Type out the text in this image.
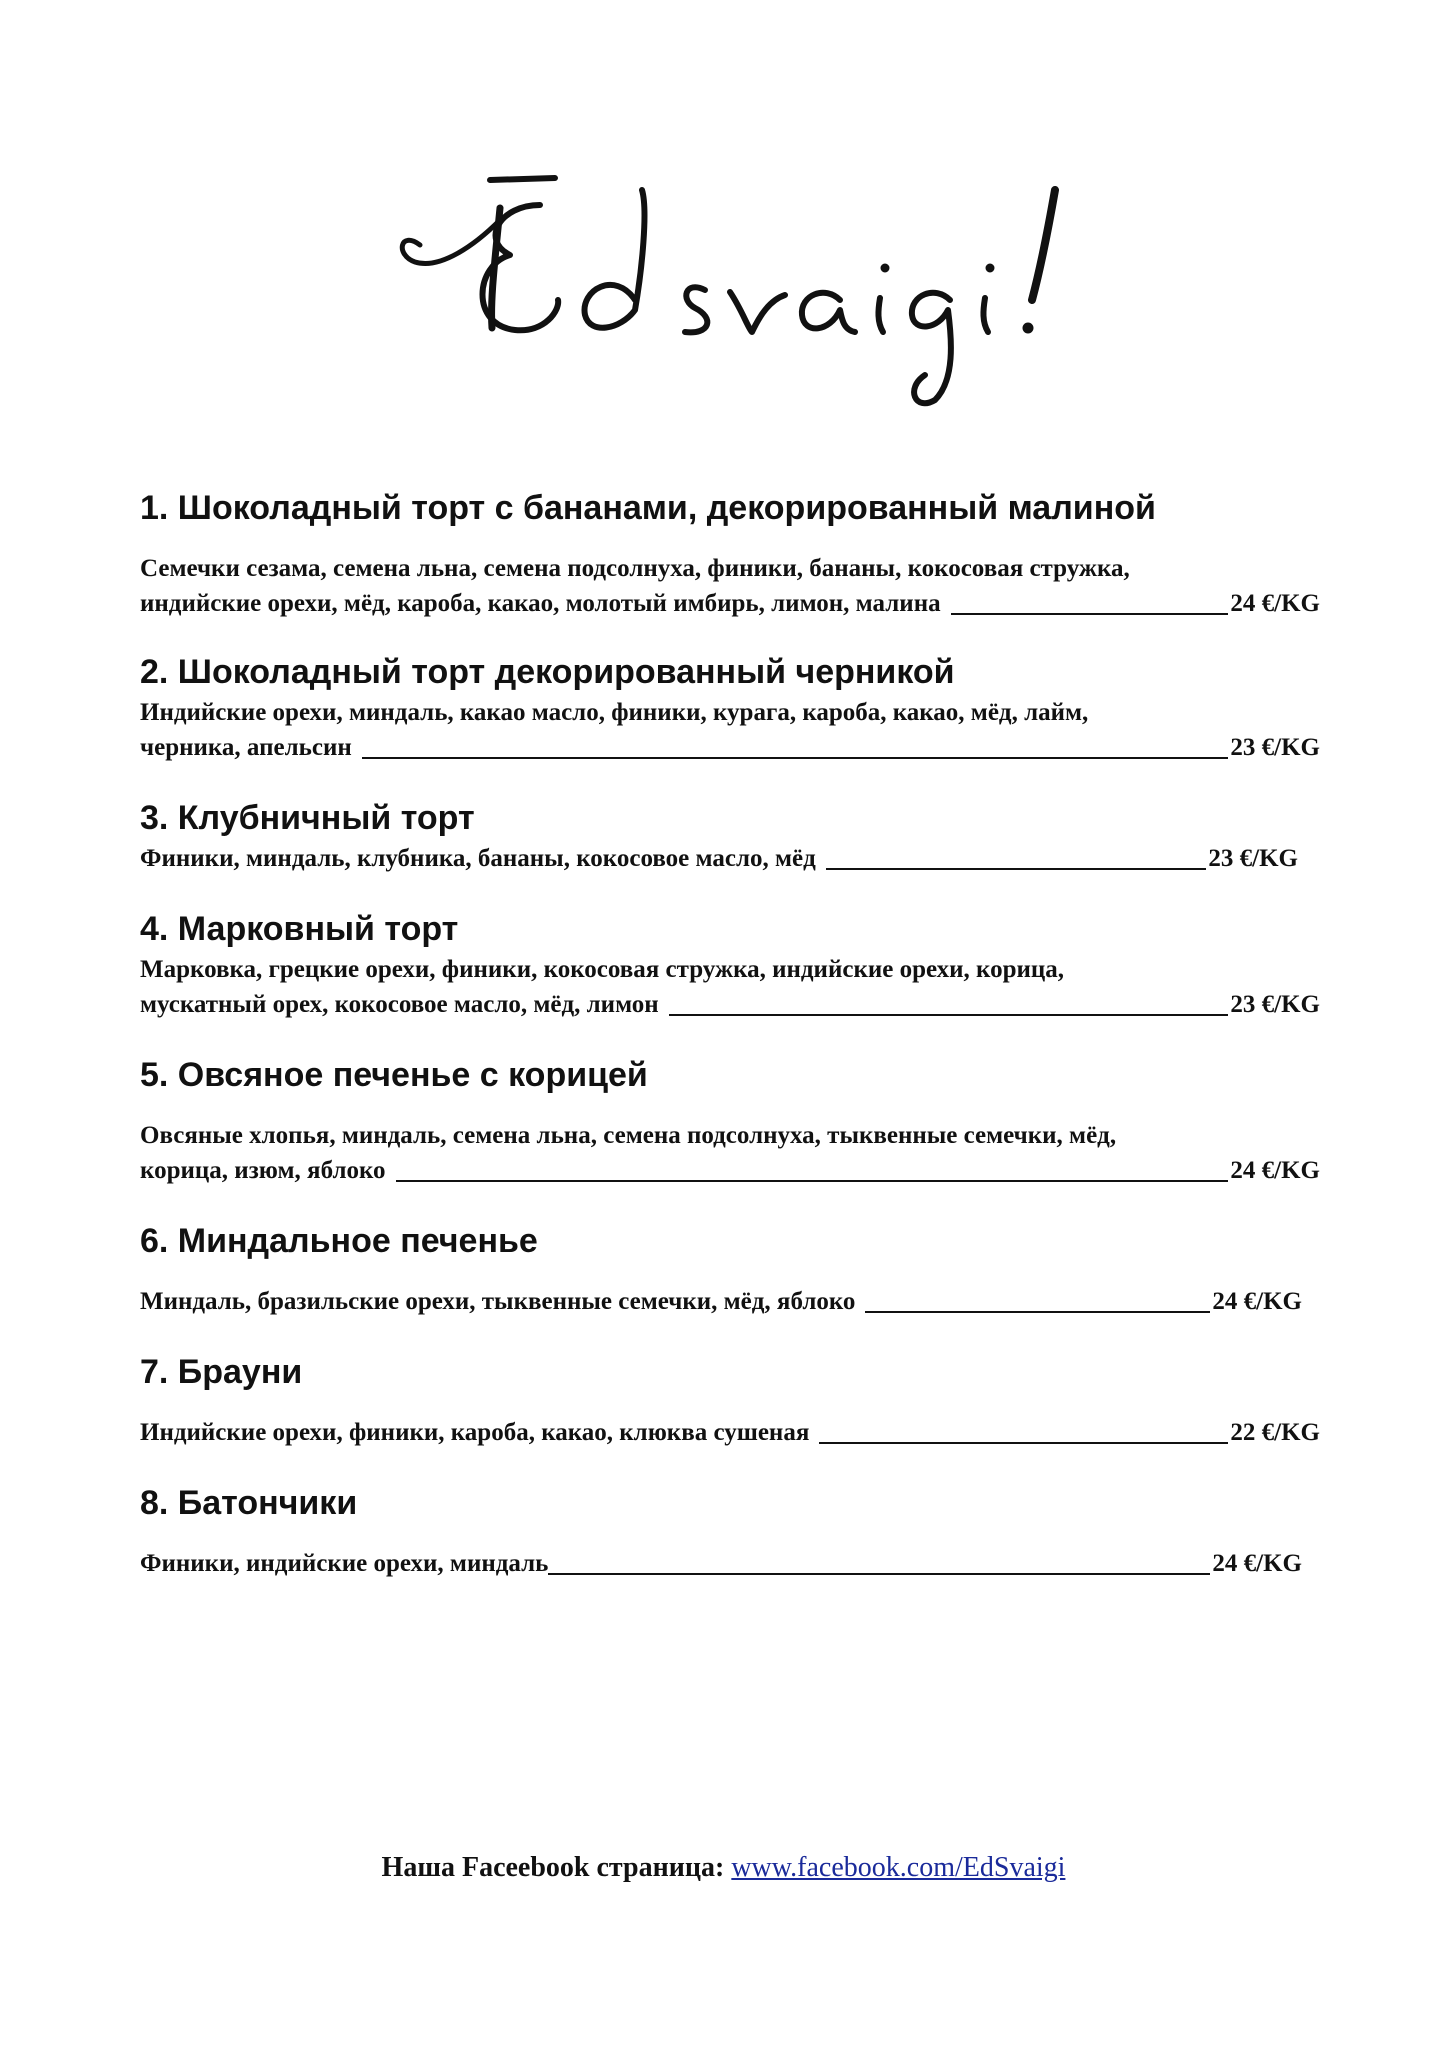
1. Шоколадный торт с бананами, декорированный малиной
Семечки сезама, семена льна, семена подсолнуха, финики, бананы, кокосовая стружка,
индийские орехи, мёд, кароба, какао, молотый имбирь, лимон, малина	24 €/KG
2. Шоколадный торт декорированный черникой
Индийские орехи, миндаль, какао масло, финики, курага, кароба, какао, мёд, лайм,
черника, апельсин	23 €/KG
3. Клубничный торт
Финики, миндаль, клубника, бананы, кокосовое масло, мёд	23 €/KG
4. Марковный торт
Марковка, грецкие орехи, финики, кокосовая стружка, индийские орехи, корица,
мускатный орех, кокосовое масло, мёд, лимон	23 €/KG
5. Овсяное печенье с корицей
Овсяные хлопья, миндаль, семена льна, семена подсолнуха, тыквенные семечки, мёд,
корица, изюм, яблоко	24 €/KG
6. Миндальное печенье
Миндаль, бразильские орехи, тыквенные семечки, мёд, яблоко	24 €/KG
7. Брауни
Индийские орехи, финики, кароба, какао, клюква сушеная	22 €/KG
8. Батончики
Финики, индийские орехи, миндаль	24 €/KG
Наша Faceebook страница: www.facebook.com/EdSvaigi
